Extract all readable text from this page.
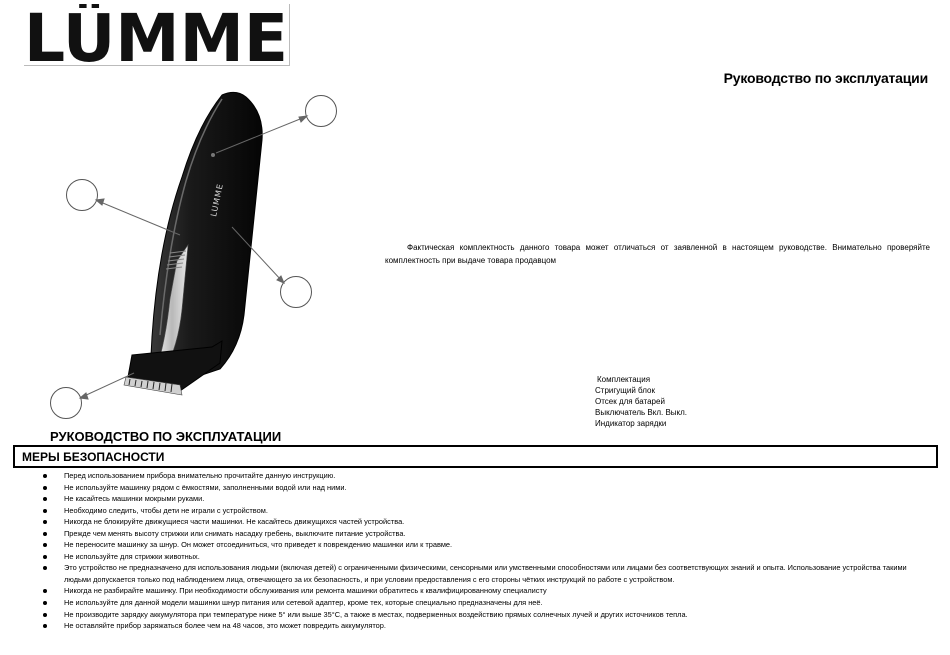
LÜMME
Руководство по эксплуатации
Фактическая комплектность данного товара может отличаться от заявленной в настоящем руководстве. Внимательно проверяйте комплектность при выдаче товара продавцом
LUMME
Комплектация
Стригущий блок
Отсек для батарей
Выключатель Вкл. Выкл.
Индикатор зарядки
РУКОВОДСТВО ПО ЭКСПЛУАТАЦИИ
МЕРЫ БЕЗОПАСНОСТИ
Перед использованием прибора внимательно прочитайте данную инструкцию.
Не используйте машинку рядом с ёмкостями, заполненными водой или над ними.
Не касайтесь машинки мокрыми руками.
Необходимо следить, чтобы дети не играли с устройством.
Никогда не блокируйте движущиеся части машинки. Не касайтесь движущихся частей устройства.
Прежде чем менять высоту стрижки или снимать насадку гребень, выключите питание устройства.
Не переносите машинку за шнур. Он может отсоединиться, что приведет к повреждению машинки или к травме.
Не используйте для стрижки животных.
Это устройство не предназначено для использования людьми (включая детей) с ограниченными физическими, сенсорными или умственными способностями или лицами без соответствующих знаний и опыта. Использование устройства такими людьми допускается только под наблюдением лица, отвечающего за их безопасность, и при условии предоставления с его стороны чётких инструкций по работе с устройством.
Никогда не разбирайте машинку. При необходимости обслуживания или ремонта машинки обратитесь к квалифицированному специалисту
Не используйте для данной модели машинки шнур питания или сетевой адаптер, кроме тех, которые специально предназначены для неё.
Не производите зарядку аккумулятора при температуре ниже 5° или выше 35°C, а также в местах, подверженных воздействию прямых солнечных лучей и других источников тепла.
Не оставляйте прибор заряжаться более чем на 48 часов, это может повредить аккумулятор.
